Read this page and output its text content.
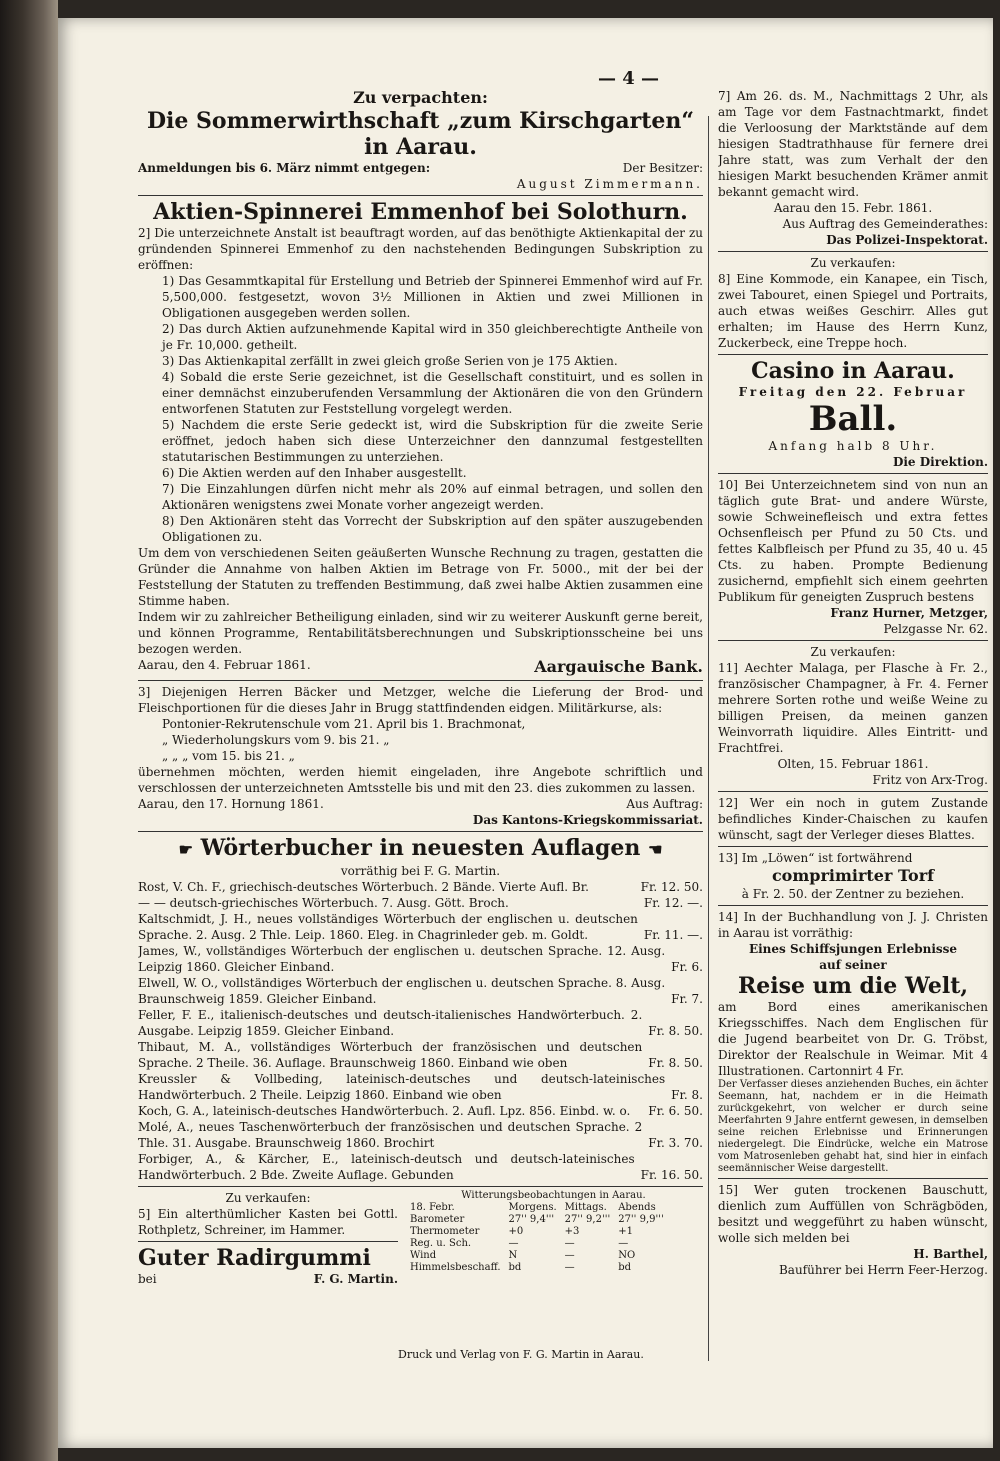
— 4 —
Zu verpachten:
Die Sommerwirthschaft „zum Kirschgarten“ in Aarau.
Anmeldungen bis 6. März nimmt entgegen:	Der Besitzer:
August Zimmermann.
Aktien-Spinnerei Emmenhof bei Solothurn.

2] Die unterzeichnete Anstalt ist beauftragt worden, auf das benöthigte Aktienkapital der zu gründenden Spinnerei Emmenhof zu den nachstehenden Bedingungen Subskription zu eröffnen:

1) Das Gesammtkapital für Erstellung und Betrieb der Spinnerei Emmenhof wird auf Fr. 5,500,000. festgesetzt, wovon 3½ Millionen in Aktien und zwei Millionen in Obligationen ausgegeben werden sollen.

2) Das durch Aktien aufzunehmende Kapital wird in 350 gleichberechtigte Antheile von je Fr. 10,000. getheilt.

3) Das Aktienkapital zerfällt in zwei gleich große Serien von je 175 Aktien.

4) Sobald die erste Serie gezeichnet, ist die Gesellschaft constituirt, und es sollen in einer demnächst einzuberufenden Versammlung der Aktionären die von den Gründern entworfenen Statuten zur Feststellung vorgelegt werden.

5) Nachdem die erste Serie gedeckt ist, wird die Subskription für die zweite Serie eröffnet, jedoch haben sich diese Unterzeichner den dannzumal festgestellten statutarischen Bestimmungen zu unterziehen.

6) Die Aktien werden auf den Inhaber ausgestellt.

7) Die Einzahlungen dürfen nicht mehr als 20% auf einmal betragen, und sollen den Aktionären wenigstens zwei Monate vorher angezeigt werden.

8) Den Aktionären steht das Vorrecht der Subskription auf den später auszugebenden Obligationen zu.

Um dem von verschiedenen Seiten geäußerten Wunsche Rechnung zu tragen, gestatten die Gründer die Annahme von halben Aktien im Betrage von Fr. 5000., mit der bei der Feststellung der Statuten zu treffenden Bestimmung, daß zwei halbe Aktien zusammen eine Stimme haben.

Indem wir zu zahlreicher Betheiligung einladen, sind wir zu weiterer Auskunft gerne bereit, und können Programme, Rentabilitätsberechnungen und Subskriptionsscheine bei uns bezogen werden.

Aarau, den 4. Februar 1861.	Aargauische Bank.

3] Diejenigen Herren Bäcker und Metzger, welche die Lieferung der Brod- und Fleischportionen für die dieses Jahr in Brugg stattfindenden eidgen. Militärkurse, als:

Pontonier-Rekrutenschule vom 21. April bis 1. Brachmonat,
„ Wiederholungskurs vom 9. bis 21. „
„ „ „ vom 15. bis 21. „

übernehmen möchten, werden hiemit eingeladen, ihre Angebote schriftlich und verschlossen der unterzeichneten Amtsstelle bis und mit den 23. dies zukommen zu lassen.

Aarau, den 17. Hornung 1861.	Aus Auftrag:
Das Kantons-Kriegskommissariat.
☛ Wörterbucher in neuesten Auflagen ☚
vorräthig bei F. G. Martin.
Rost, V. Ch. F., griechisch-deutsches Wörterbuch. 2 Bände. Vierte Aufl. Br.	Fr. 12. 50.
— — deutsch-griechisches Wörterbuch. 7. Ausg. Gött. Broch.	Fr. 12. —.
Kaltschmidt, J. H., neues vollständiges Wörterbuch der englischen u. deutschen Sprache. 2. Ausg. 2 Thle. Leip. 1860. Eleg. in Chagrinleder geb. m. Goldt.	Fr. 11. —.
James, W., vollständiges Wörterbuch der englischen u. deutschen Sprache. 12. Ausg. Leipzig 1860. Gleicher Einband.	Fr. 6.
Elwell, W. O., vollständiges Wörterbuch der englischen u. deutschen Sprache. 8. Ausg. Braunschweig 1859. Gleicher Einband.	Fr. 7.
Feller, F. E., italienisch-deutsches und deutsch-italienisches Handwörterbuch. 2. Ausgabe. Leipzig 1859. Gleicher Einband.	Fr. 8. 50.
Thibaut, M. A., vollständiges Wörterbuch der französischen und deutschen Sprache. 2 Theile. 36. Auflage. Braunschweig 1860. Einband wie oben	Fr. 8. 50.
Kreussler & Vollbeding, lateinisch-deutsches und deutsch-lateinisches Handwörterbuch. 2 Theile. Leipzig 1860. Einband wie oben	Fr. 8.
Koch, G. A., lateinisch-deutsches Handwörterbuch. 2. Aufl. Lpz. 856. Einbd. w. o.	Fr. 6. 50.
Molé, A., neues Taschenwörterbuch der französischen und deutschen Sprache. 2 Thle. 31. Ausgabe. Braunschweig 1860. Brochirt	Fr. 3. 70.
Forbiger, A., & Kärcher, E., lateinisch-deutsch und deutsch-lateinisches Handwörterbuch. 2 Bde. Zweite Auflage. Gebunden	Fr. 16. 50.
Zu verkaufen:

5] Ein alterthümlicher Kasten bei Gottl. Rothpletz, Schreiner, im Hammer.

Guter Radirgummi
bei	F. G. Martin.
Witterungsbeobachtungen in Aarau.
18. Febr.	Morgens.	Mittags.	Abends
Barometer	27'' 9,4'''	27'' 9,2'''	27'' 9,9'''
Thermometer	+0	+3	+1
Reg. u. Sch.	—	—	—
Wind	N	—	NO
Himmelsbeschaff.	bd	—	bd

7] Am 26. ds. M., Nachmittags 2 Uhr, als am Tage vor dem Fastnachtmarkt, findet die Verloosung der Marktstände auf dem hiesigen Stadtrathhause für fernere drei Jahre statt, was zum Verhalt der den hiesigen Markt besuchenden Krämer anmit bekannt gemacht wird.

Aarau den 15. Febr. 1861.
Aus Auftrag des Gemeinderathes:
Das Polizei-Inspektorat.
Zu verkaufen:

8] Eine Kommode, ein Kanapee, ein Tisch, zwei Tabouret, einen Spiegel und Portraits, auch etwas weißes Geschirr. Alles gut erhalten; im Hause des Herrn Kunz, Zuckerbeck, eine Treppe hoch.

Casino in Aarau.
Freitag den 22. Februar
Ball.
Anfang halb 8 Uhr.
Die Direktion.

10] Bei Unterzeichnetem sind von nun an täglich gute Brat- und andere Würste, sowie Schweinefleisch und extra fettes Ochsenfleisch per Pfund zu 50 Cts. und fettes Kalbfleisch per Pfund zu 35, 40 u. 45 Cts. zu haben. Prompte Bedienung zusichernd, empfiehlt sich einem geehrten Publikum für geneigten Zuspruch bestens

Franz Hurner, Metzger,
Pelzgasse Nr. 62.
Zu verkaufen:

11] Aechter Malaga, per Flasche à Fr. 2., französischer Champagner, à Fr. 4. Ferner mehrere Sorten rothe und weiße Weine zu billigen Preisen, da meinen ganzen Weinvorrath liquidire. Alles Eintritt- und Frachtfrei.

Olten, 15. Februar 1861.
Fritz von Arx-Trog.

12] Wer ein noch in gutem Zustande befindliches Kinder-Chaischen zu kaufen wünscht, sagt der Verleger dieses Blattes.

13] Im „Löwen“ ist fortwährend
comprimirter Torf
à Fr. 2. 50. der Zentner zu beziehen.

14] In der Buchhandlung von J. J. Christen in Aarau ist vorräthig:

Eines Schiffsjungen Erlebnisse
auf seiner
Reise um die Welt,

am Bord eines amerikanischen Kriegsschiffes. Nach dem Englischen für die Jugend bearbeitet von Dr. G. Tröbst, Direktor der Realschule in Weimar. Mit 4 Illustrationen. Cartonnirt 4 Fr.

Der Verfasser dieses anziehenden Buches, ein ächter Seemann, hat, nachdem er in die Heimath zurückgekehrt, von welcher er durch seine Meerfahrten 9 Jahre entfernt gewesen, in demselben seine reichen Erlebnisse und Erinnerungen niedergelegt. Die Eindrücke, welche ein Matrose vom Matrosenleben gehabt hat, sind hier in einfach seemännischer Weise dargestellt.

15] Wer guten trockenen Bauschutt, dienlich zum Auffüllen von Schrägböden, besitzt und weggeführt zu haben wünscht, wolle sich melden bei

H. Barthel,
Bauführer bei Herrn Feer-Herzog.
Druck und Verlag von F. G. Martin in Aarau.
